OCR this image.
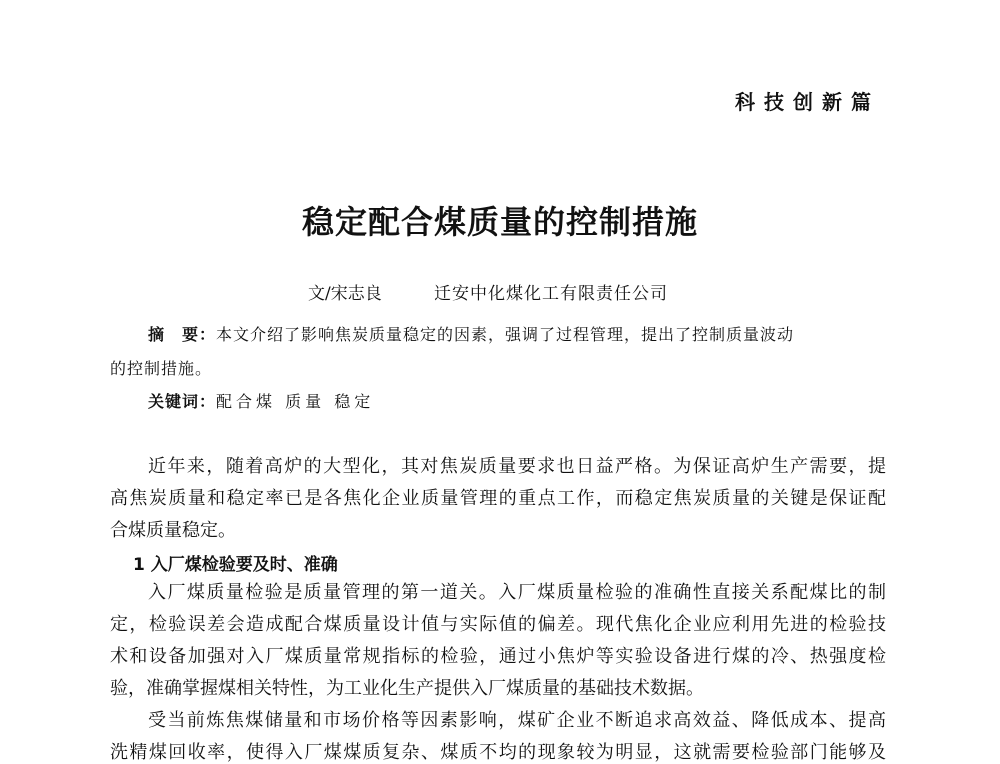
科技创新篇
稳定配合煤质量的控制措施
文/宋志良	迁安中化煤化工有限责任公司
摘　要：本文介绍了影响焦炭质量稳定的因素，强调了过程管理，提出了控制质量波动
的控制措施。
关键词：配合煤 质量 稳定
近年来，随着高炉的大型化，其对焦炭质量要求也日益严格。为保证高炉生产需要，提
高焦炭质量和稳定率已是各焦化企业质量管理的重点工作，而稳定焦炭质量的关键是保证配
合煤质量稳定。
1 入厂煤检验要及时、准确
入厂煤质量检验是质量管理的第一道关。入厂煤质量检验的准确性直接关系配煤比的制
定，检验误差会造成配合煤质量设计值与实际值的偏差。现代焦化企业应利用先进的检验技
术和设备加强对入厂煤质量常规指标的检验，通过小焦炉等实验设备进行煤的冷、热强度检
验，准确掌握煤相关特性，为工业化生产提供入厂煤质量的基础技术数据。
受当前炼焦煤储量和市场价格等因素影响，煤矿企业不断追求高效益、降低成本、提高
洗精煤回收率，使得入厂煤煤质复杂、煤质不均的现象较为明显，这就需要检验部门能够及
